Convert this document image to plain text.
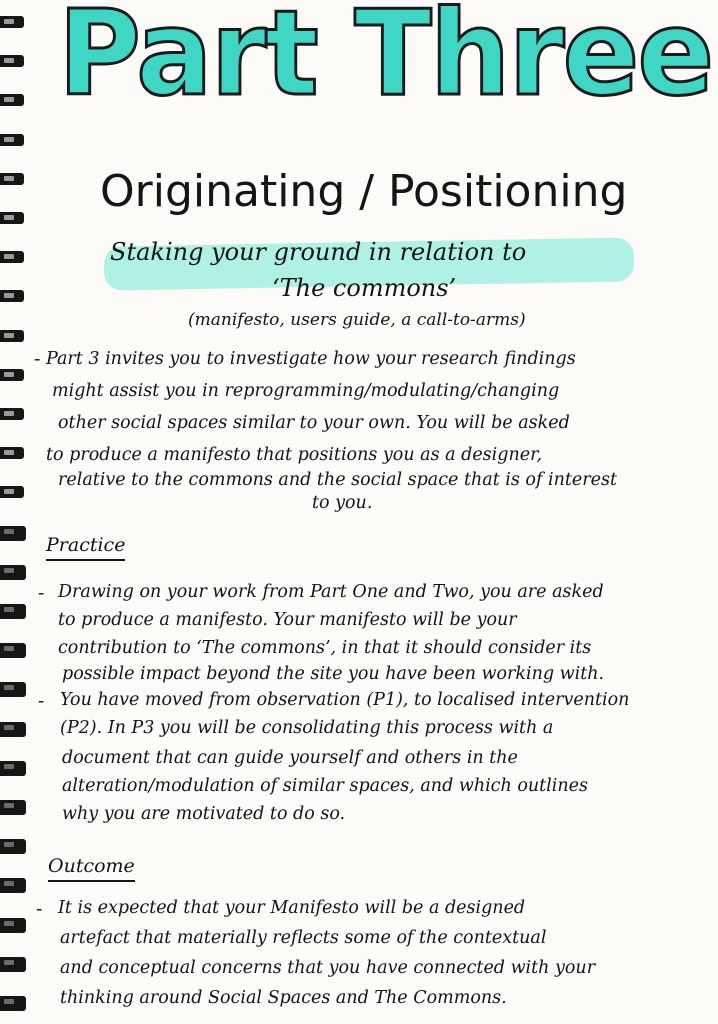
Part Three
Originating / Positioning
Staking your ground in relation to
‘The commons’
(manifesto, users guide, a call-to-arms)
- Part 3 invites you to investigate how your research findings
might assist you in reprogramming/modulating/changing
other social spaces similar to your own. You will be asked
to produce a manifesto that positions you as a designer,
relative to the commons and the social space that is of interest
to you.
Practice
- Drawing on your work from Part One and Two, you are asked
to produce a manifesto. Your manifesto will be your
contribution to ‘The commons’, in that it should consider its
possible impact beyond the site you have been working with.
- You have moved from observation (P1), to localised intervention
(P2). In P3 you will be consolidating this process with a
document that can guide yourself and others in the
alteration/modulation of similar spaces, and which outlines
why you are motivated to do so.
Outcome
- It is expected that your Manifesto will be a designed
artefact that materially reflects some of the contextual
and conceptual concerns that you have connected with your
thinking around Social Spaces and The Commons.
